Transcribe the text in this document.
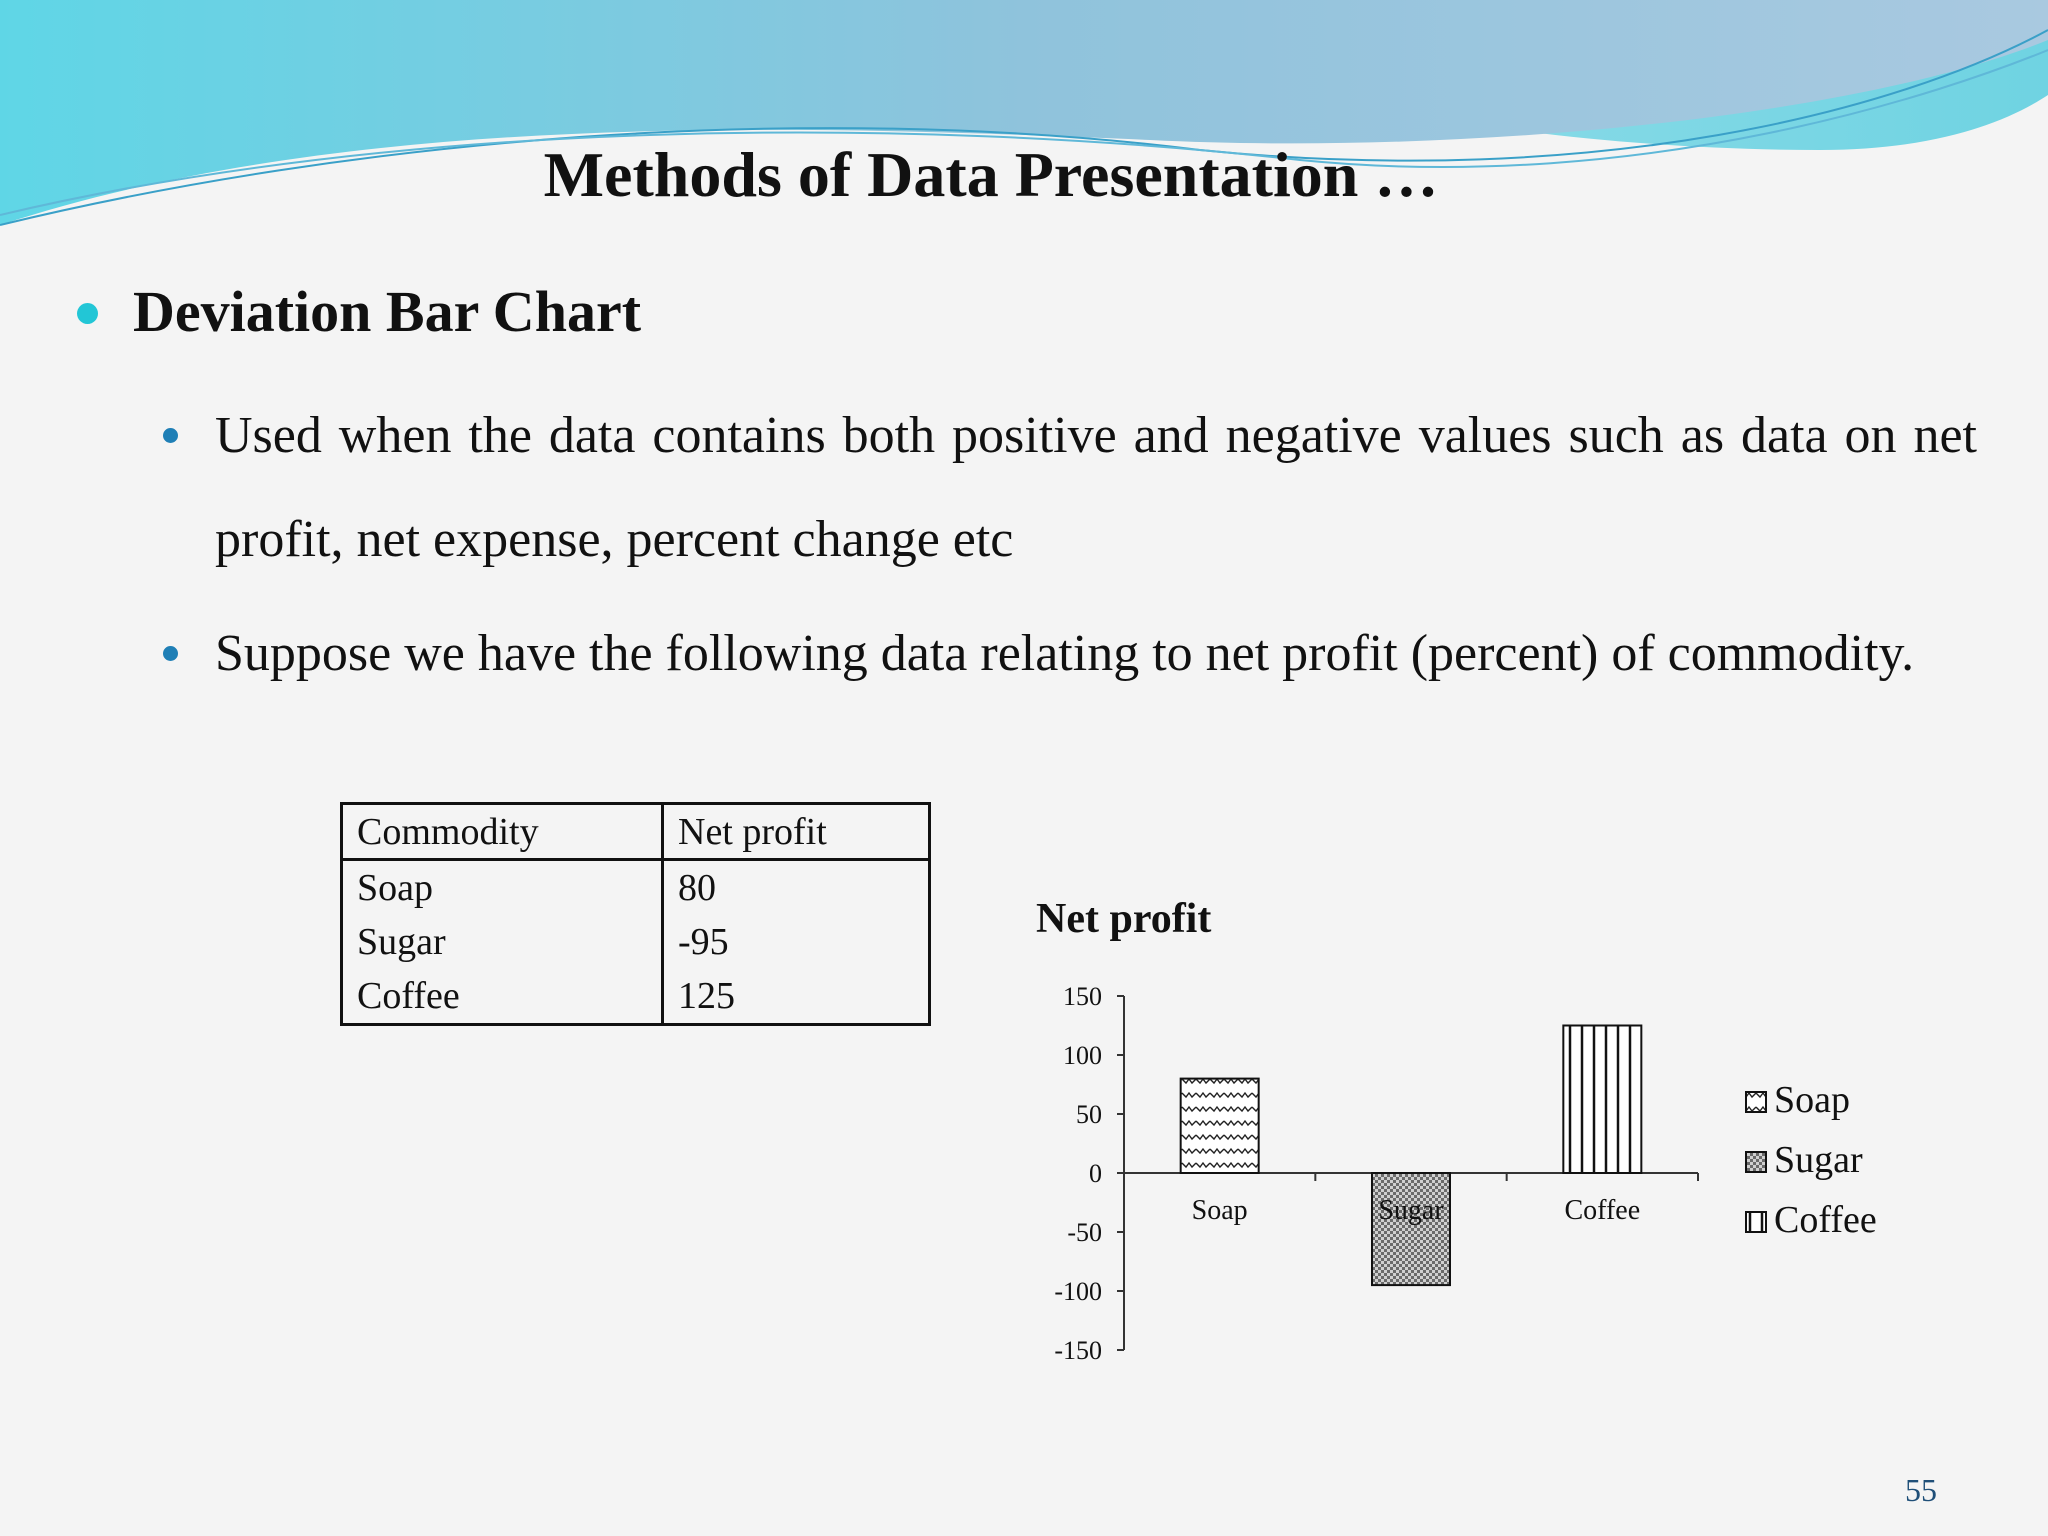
Methods of Data Presentation …
Deviation Bar Chart
Used when the data contains both positive and negative values such as data on net profit, net expense, percent change etc
Suppose we have the following data relating to net profit (percent) of commodity.
Commodity	Net profit
Soap	80
Sugar	-95
Coffee	125
Net profit
150
100
50
0
-50
-100
-150
Soap	Sugar	Coffee
Soap
Sugar
Coffee
55
